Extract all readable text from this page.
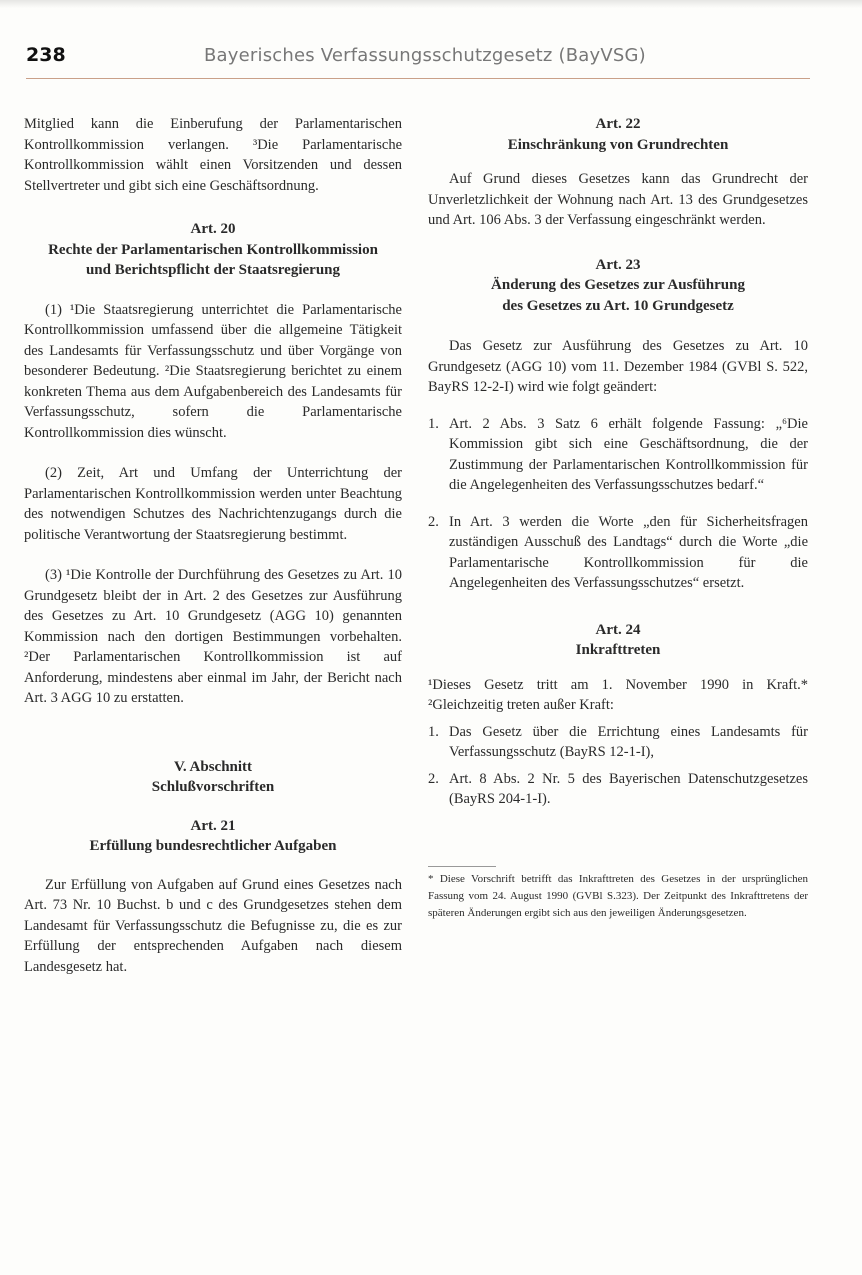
238	Bayerisches Verfassungsschutzgesetz (BayVSG)

Mitglied kann die Einberufung der Parlamentarischen Kontrollkommission verlangen. ³Die Parlamentarische Kontrollkommission wählt einen Vorsitzenden und dessen Stellvertreter und gibt sich eine Geschäftsordnung.

Art. 20
Rechte der Parlamentarischen Kontrollkommission
und Berichtspflicht der Staatsregierung

(1) ¹Die Staatsregierung unterrichtet die Parlamentarische Kontrollkommission umfassend über die allgemeine Tätigkeit des Landesamts für Verfassungsschutz und über Vorgänge von besonderer Bedeutung. ²Die Staatsregierung berichtet zu einem konkreten Thema aus dem Aufgabenbereich des Landesamts für Verfassungsschutz, sofern die Parlamentarische Kontrollkommission dies wünscht.

(2) Zeit, Art und Umfang der Unterrichtung der Parlamentarischen Kontrollkommission werden unter Beachtung des notwendigen Schutzes des Nachrichtenzugangs durch die politische Verantwortung der Staatsregierung bestimmt.

(3) ¹Die Kontrolle der Durchführung des Gesetzes zu Art. 10 Grundgesetz bleibt der in Art. 2 des Gesetzes zur Ausführung des Gesetzes zu Art. 10 Grundgesetz (AGG 10) genannten Kommission nach den dortigen Bestimmungen vorbehalten. ²Der Parlamentarischen Kontrollkommission ist auf Anforderung, mindestens aber einmal im Jahr, der Bericht nach Art. 3 AGG 10 zu erstatten.

V. Abschnitt
Schlußvorschriften
Art. 21
Erfüllung bundesrechtlicher Aufgaben

Zur Erfüllung von Aufgaben auf Grund eines Gesetzes nach Art. 73 Nr. 10 Buchst. b und c des Grundgesetzes stehen dem Landesamt für Verfassungsschutz die Befugnisse zu, die es zur Erfüllung der entsprechenden Aufgaben nach diesem Landesgesetz hat.

Art. 22
Einschränkung von Grundrechten

Auf Grund dieses Gesetzes kann das Grundrecht der Unverletzlichkeit der Wohnung nach Art. 13 des Grundgesetzes und Art. 106 Abs. 3 der Verfassung eingeschränkt werden.

Art. 23
Änderung des Gesetzes zur Ausführung
des Gesetzes zu Art. 10 Grundgesetz

Das Gesetz zur Ausführung des Gesetzes zu Art. 10 Grundgesetz (AGG 10) vom 11. Dezember 1984 (GVBl S. 522, BayRS 12-2-I) wird wie folgt geändert:

1. Art. 2 Abs. 3 Satz 6 erhält folgende Fassung: „⁶Die Kommission gibt sich eine Geschäftsordnung, die der Zustimmung der Parlamentarischen Kontrollkommission für die Angelegenheiten des Verfassungsschutzes bedarf.“
2. In Art. 3 werden die Worte „den für Sicherheitsfragen zuständigen Ausschuß des Landtags“ durch die Worte „die Parlamentarische Kontrollkommission für die Angelegenheiten des Verfassungsschutzes“ ersetzt.
Art. 24
Inkrafttreten

¹Dieses Gesetz tritt am 1. November 1990 in Kraft.* ²Gleichzeitig treten außer Kraft:

1. Das Gesetz über die Errichtung eines Landesamts für Verfassungsschutz (BayRS 12-1-I),
2. Art. 8 Abs. 2 Nr. 5 des Bayerischen Datenschutzgesetzes (BayRS 204-1-I).

* Diese Vorschrift betrifft das Inkrafttreten des Gesetzes in der ursprünglichen Fassung vom 24. August 1990 (GVBl S.323). Der Zeitpunkt des Inkrafttretens der späteren Änderungen ergibt sich aus den jeweiligen Änderungsgesetzen.
